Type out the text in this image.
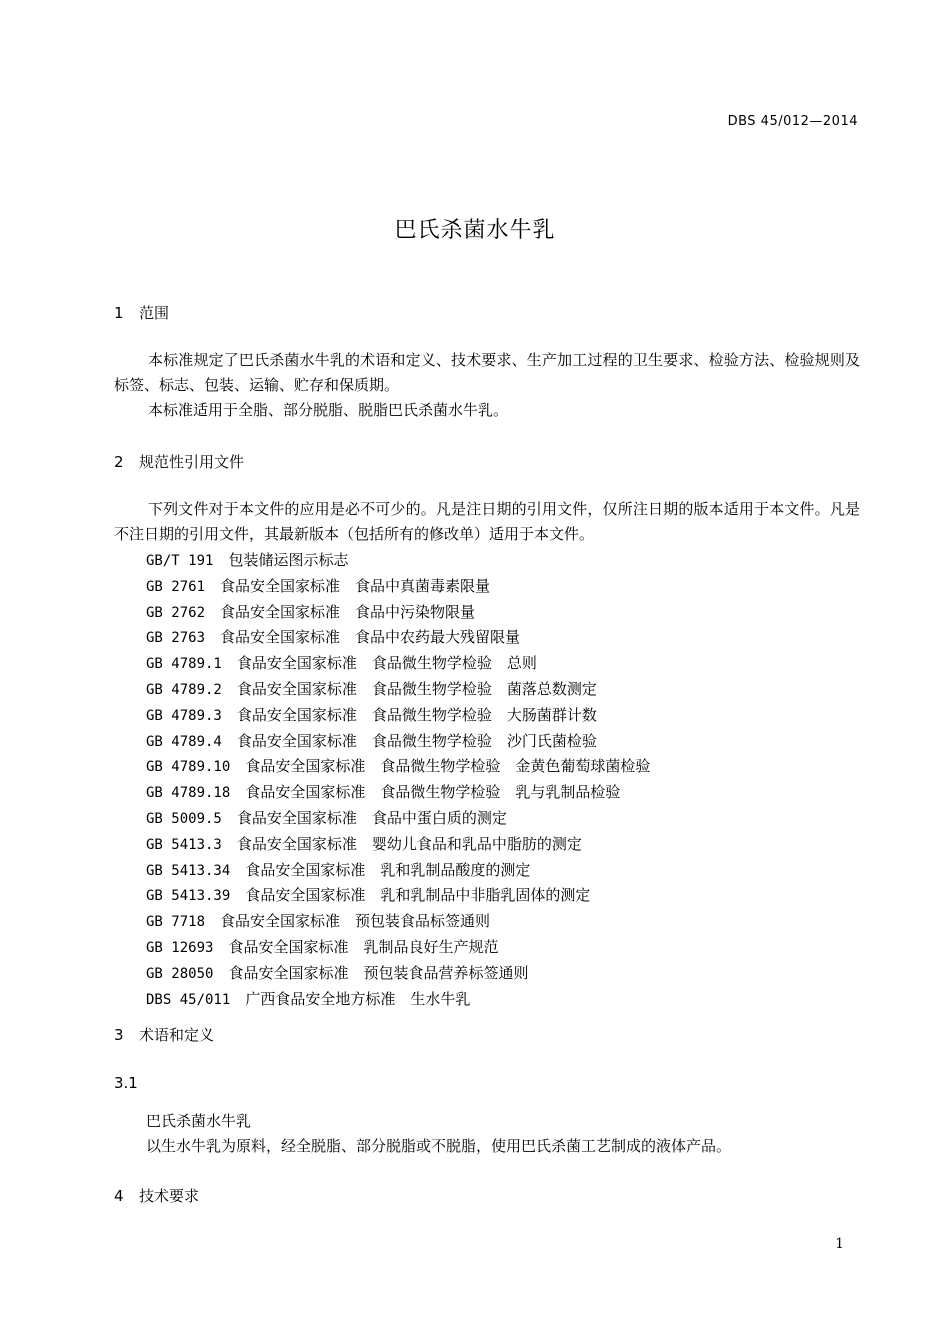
DBS 45/012—2014
巴氏杀菌水牛乳
1 范围
本标准规定了巴氏杀菌水牛乳的术语和定义、技术要求、生产加工过程的卫生要求、检验方法、检验规则及标签、标志、包装、运输、贮存和保质期。
本标准适用于全脂、部分脱脂、脱脂巴氏杀菌水牛乳。
2 规范性引用文件
下列文件对于本文件的应用是必不可少的。凡是注日期的引用文件，仅所注日期的版本适用于本文件。凡是不注日期的引用文件，其最新版本（包括所有的修改单）适用于本文件。
GB/T 191　 包装储运图示标志
GB 2761　 食品安全国家标准　食品中真菌毒素限量
GB 2762　 食品安全国家标准　食品中污染物限量
GB 2763　 食品安全国家标准　食品中农药最大残留限量
GB 4789.1　 食品安全国家标准　食品微生物学检验　总则
GB 4789.2　 食品安全国家标准　食品微生物学检验　菌落总数测定
GB 4789.3　 食品安全国家标准　食品微生物学检验　大肠菌群计数
GB 4789.4　 食品安全国家标准　食品微生物学检验　沙门氏菌检验
GB 4789.10　 食品安全国家标准　食品微生物学检验　金黄色葡萄球菌检验
GB 4789.18　 食品安全国家标准　食品微生物学检验　乳与乳制品检验
GB 5009.5　 食品安全国家标准　食品中蛋白质的测定
GB 5413.3　 食品安全国家标准　婴幼儿食品和乳品中脂肪的测定
GB 5413.34　 食品安全国家标准　乳和乳制品酸度的测定
GB 5413.39　 食品安全国家标准　乳和乳制品中非脂乳固体的测定
GB 7718　 食品安全国家标准　预包装食品标签通则
GB 12693　 食品安全国家标准　乳制品良好生产规范
GB 28050　 食品安全国家标准　预包装食品营养标签通则
DBS 45/011　 广西食品安全地方标准　生水牛乳
3 术语和定义
3.1
巴氏杀菌水牛乳
以生水牛乳为原料，经全脱脂、部分脱脂或不脱脂，使用巴氏杀菌工艺制成的液体产品。
4 技术要求
1
